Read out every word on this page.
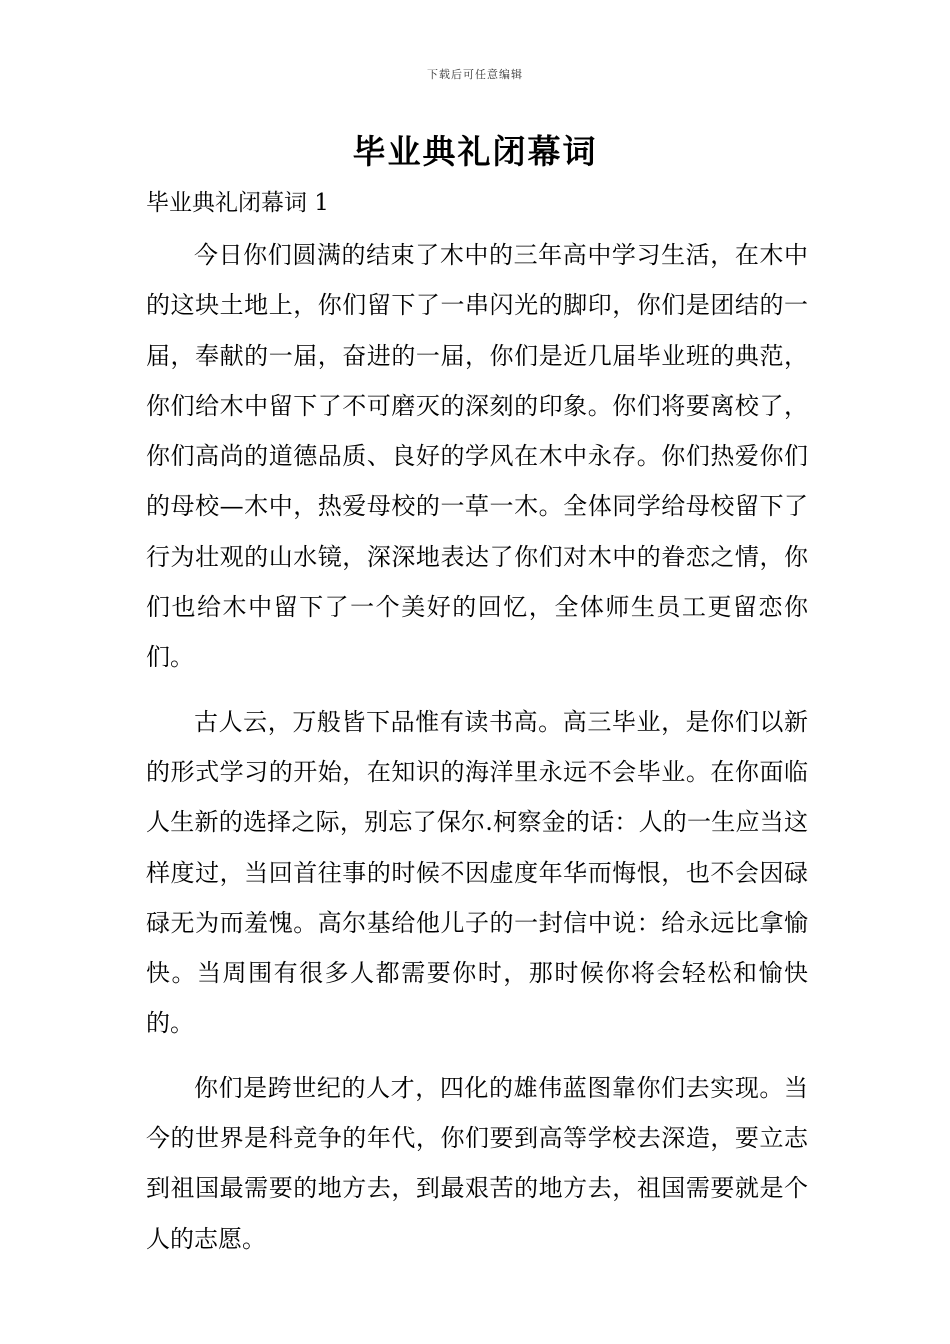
下载后可任意编辑
毕业典礼闭幕词
毕业典礼闭幕词 1

今日你们圆满的结束了木中的三年高中学习生活，在木中的这块土地上，你们留下了一串闪光的脚印，你们是团结的一届，奉献的一届，奋进的一届，你们是近几届毕业班的典范，你们给木中留下了不可磨灭的深刻的印象。你们将要离校了，你们高尚的道德品质、良好的学风在木中永存。你们热爱你们的母校—木中，热爱母校的一草一木。全体同学给母校留下了行为壮观的山水镜，深深地表达了你们对木中的眷恋之情，你们也给木中留下了一个美好的回忆，全体师生员工更留恋你们。

古人云，万般皆下品惟有读书高。高三毕业，是你们以新的形式学习的开始，在知识的海洋里永远不会毕业。在你面临人生新的选择之际，别忘了保尔.柯察金的话：人的一生应当这样度过，当回首往事的时候不因虚度年华而悔恨，也不会因碌碌无为而羞愧。高尔基给他儿子的一封信中说：给永远比拿愉快。当周围有很多人都需要你时，那时候你将会轻松和愉快的。

你们是跨世纪的人才，四化的雄伟蓝图靠你们去实现。当今的世界是科竞争的年代，你们要到高等学校去深造，要立志到祖国最需要的地方去，到最艰苦的地方去，祖国需要就是个人的志愿。
